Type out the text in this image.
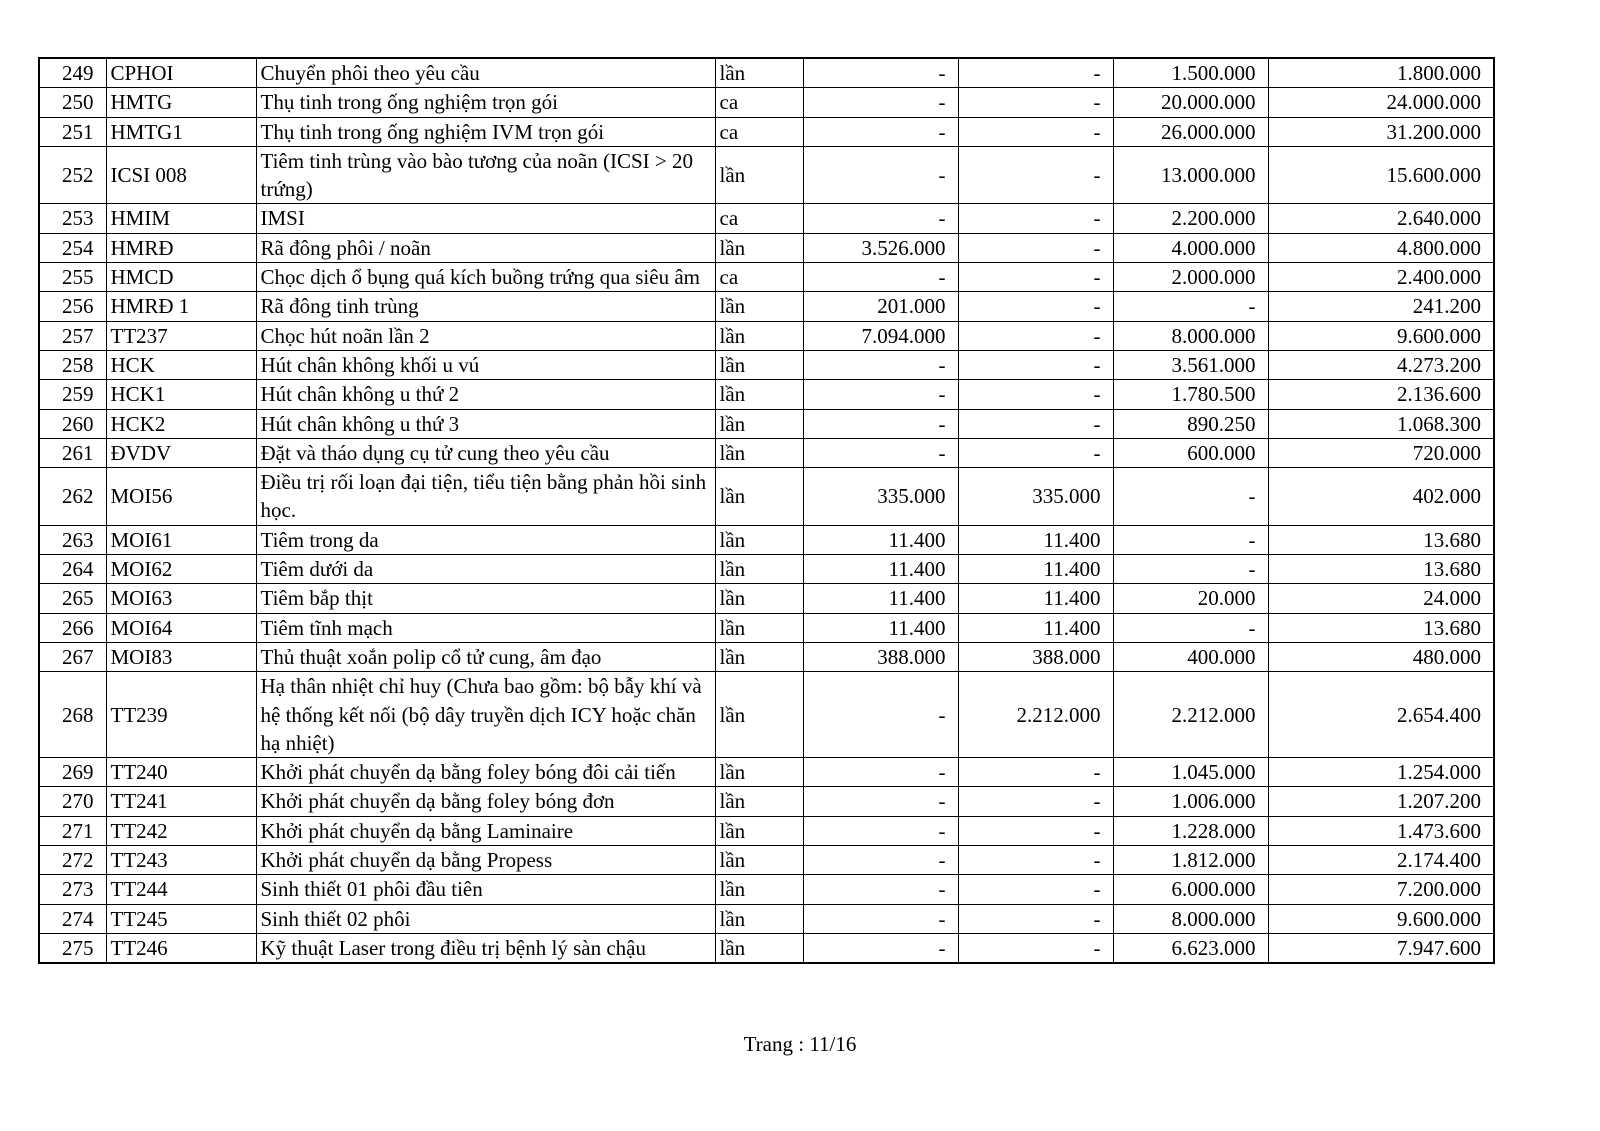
249	CPHOI	Chuyển phôi theo yêu cầu	lần	-	-	1.500.000	1.800.000
250	HMTG	Thụ tinh trong ống nghiệm trọn gói	ca	-	-	20.000.000	24.000.000
251	HMTG1	Thụ tinh trong ống nghiệm IVM trọn gói	ca	-	-	26.000.000	31.200.000
252	ICSI 008	Tiêm tinh trùng vào bào tương của noãn (ICSI > 20 trứng)	lần	-	-	13.000.000	15.600.000
253	HMIM	IMSI	ca	-	-	2.200.000	2.640.000
254	HMRĐ	Rã đông phôi / noãn	lần	3.526.000	-	4.000.000	4.800.000
255	HMCD	Chọc dịch ổ bụng quá kích buồng trứng qua siêu âm	ca	-	-	2.000.000	2.400.000
256	HMRĐ 1	Rã đông tinh trùng	lần	201.000	-	-	241.200
257	TT237	Chọc hút noãn lần 2	lần	7.094.000	-	8.000.000	9.600.000
258	HCK	Hút chân không khối u vú	lần	-	-	3.561.000	4.273.200
259	HCK1	Hút chân không u thứ 2	lần	-	-	1.780.500	2.136.600
260	HCK2	Hút chân không u thứ 3	lần	-	-	890.250	1.068.300
261	ĐVDV	Đặt và tháo dụng cụ tử cung theo yêu cầu	lần	-	-	600.000	720.000
262	MOI56	Điều trị rối loạn đại tiện, tiểu tiện bằng phản hồi sinh học.	lần	335.000	335.000	-	402.000
263	MOI61	Tiêm trong da	lần	11.400	11.400	-	13.680
264	MOI62	Tiêm dưới da	lần	11.400	11.400	-	13.680
265	MOI63	Tiêm bắp thịt	lần	11.400	11.400	20.000	24.000
266	MOI64	Tiêm tĩnh mạch	lần	11.400	11.400	-	13.680
267	MOI83	Thủ thuật xoắn polip cổ tử cung, âm đạo	lần	388.000	388.000	400.000	480.000
268	TT239	Hạ thân nhiệt chỉ huy (Chưa bao gồm: bộ bẫy khí và hệ thống kết nối (bộ dây truyền dịch ICY hoặc chăn hạ nhiệt)	lần	-	2.212.000	2.212.000	2.654.400
269	TT240	Khởi phát chuyển dạ bằng foley bóng đôi cải tiến	lần	-	-	1.045.000	1.254.000
270	TT241	Khởi phát chuyển dạ bằng foley bóng đơn	lần	-	-	1.006.000	1.207.200
271	TT242	Khởi phát chuyển dạ bằng Laminaire	lần	-	-	1.228.000	1.473.600
272	TT243	Khởi phát chuyển dạ bằng Propess	lần	-	-	1.812.000	2.174.400
273	TT244	Sinh thiết 01 phôi đầu tiên	lần	-	-	6.000.000	7.200.000
274	TT245	Sinh thiết 02 phôi	lần	-	-	8.000.000	9.600.000
275	TT246	Kỹ thuật Laser trong điều trị bệnh lý sàn chậu	lần	-	-	6.623.000	7.947.600
Trang : 11/16
